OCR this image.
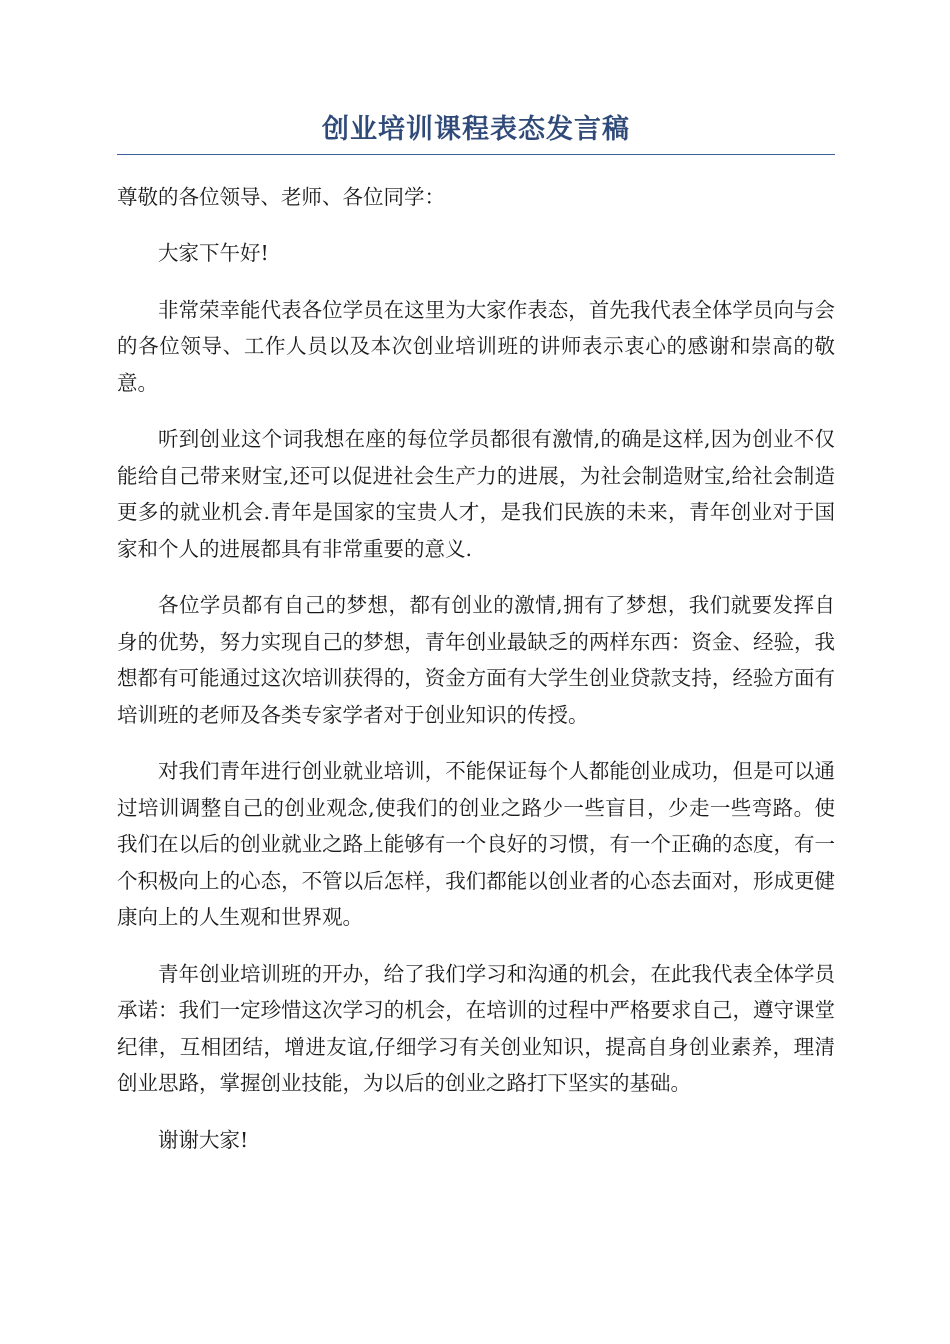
创业培训课程表态发言稿

尊敬的各位领导、老师、各位同学：

大家下午好!

非常荣幸能代表各位学员在这里为大家作表态，首先我代表全体学员向与会的各位领导、工作人员以及本次创业培训班的讲师表示衷心的感谢和崇高的敬意。

听到创业这个词我想在座的每位学员都很有激情,的确是这样,因为创业不仅能给自己带来财宝,还可以促进社会生产力的进展，为社会制造财宝,给社会制造更多的就业机会.青年是国家的宝贵人才，是我们民族的未来，青年创业对于国家和个人的进展都具有非常重要的意义.

各位学员都有自己的梦想，都有创业的激情,拥有了梦想，我们就要发挥自身的优势，努力实现自己的梦想，青年创业最缺乏的两样东西：资金、经验，我想都有可能通过这次培训获得的，资金方面有大学生创业贷款支持，经验方面有培训班的老师及各类专家学者对于创业知识的传授。

对我们青年进行创业就业培训，不能保证每个人都能创业成功，但是可以通过培训调整自己的创业观念,使我们的创业之路少一些盲目，少走一些弯路。使我们在以后的创业就业之路上能够有一个良好的习惯，有一个正确的态度，有一个积极向上的心态，不管以后怎样，我们都能以创业者的心态去面对，形成更健康向上的人生观和世界观。

青年创业培训班的开办，给了我们学习和沟通的机会，在此我代表全体学员承诺：我们一定珍惜这次学习的机会，在培训的过程中严格要求自己，遵守课堂纪律，互相团结，增进友谊,仔细学习有关创业知识，提高自身创业素养，理清创业思路，掌握创业技能，为以后的创业之路打下坚实的基础。

谢谢大家!
